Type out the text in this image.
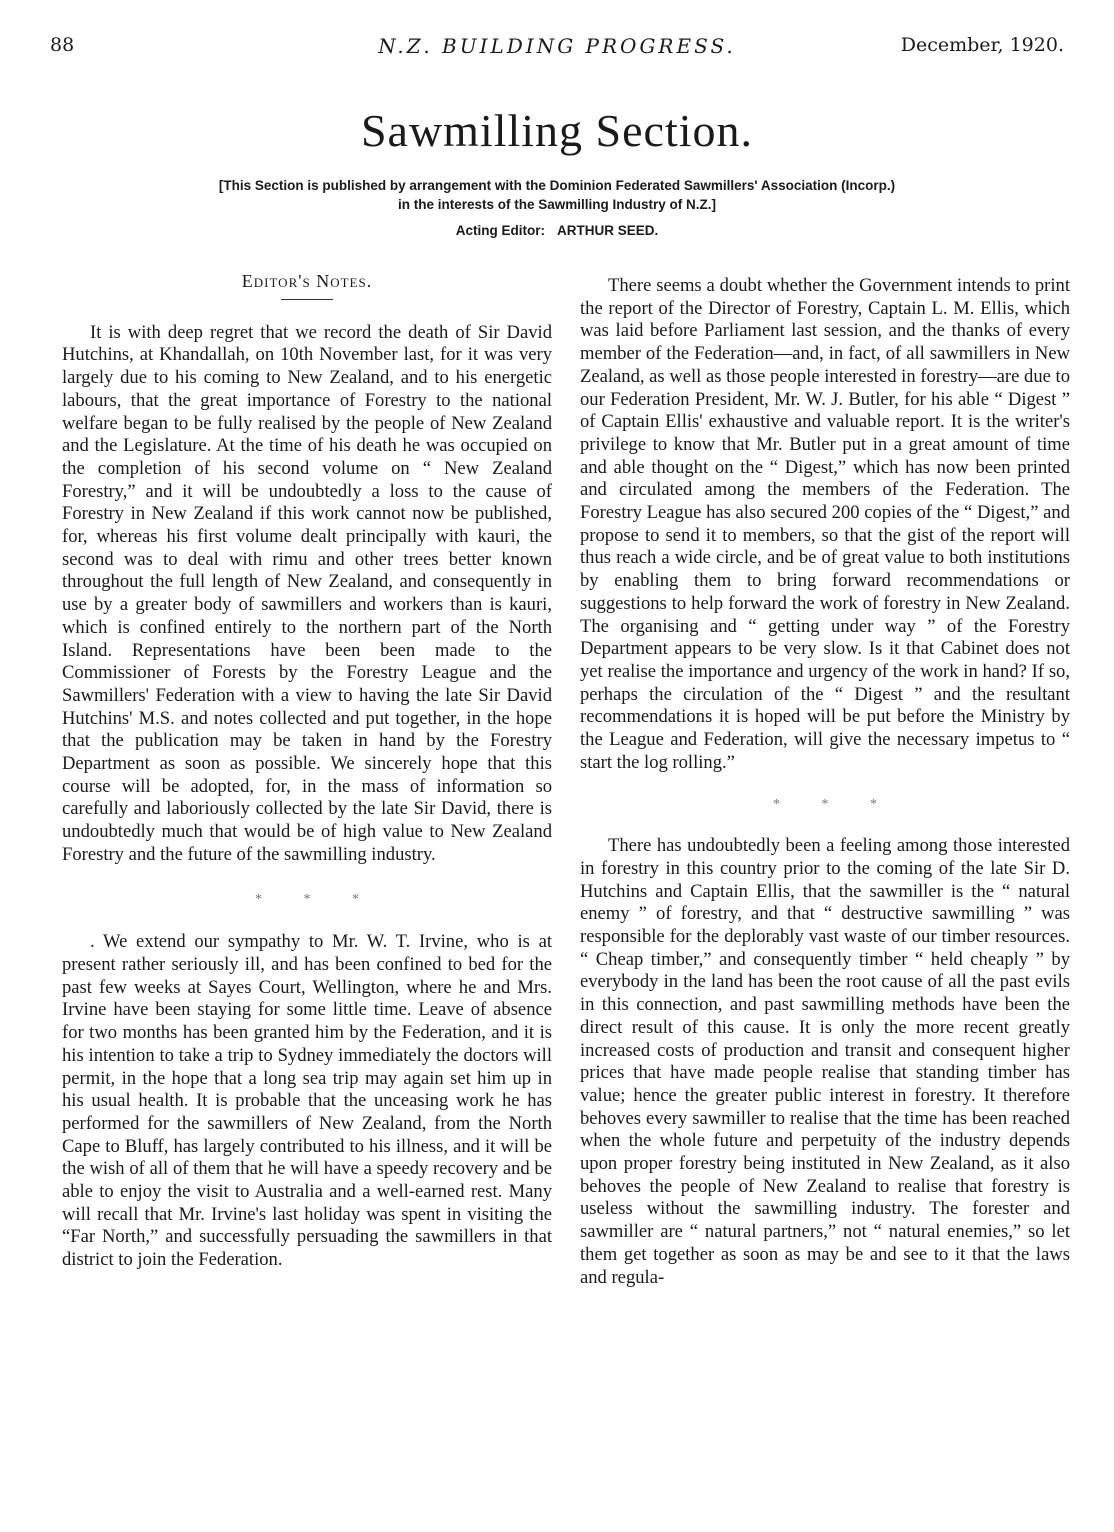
88	N.Z. BUILDING PROGRESS.	December, 1920.
Sawmilling Section.
[This Section is published by arrangement with the Dominion Federated Sawmillers' Association (Incorp.)
in the interests of the Sawmilling Industry of N.Z.]
Acting Editor: ARTHUR SEED.
Editor's Notes.

It is with deep regret that we record the death of Sir David Hutchins, at Khandallah, on 10th November last, for it was very largely due to his coming to New Zealand, and to his energetic labours, that the great importance of Forestry to the national welfare began to be fully realised by the people of New Zealand and the Legislature. At the time of his death he was occupied on the completion of his second volume on “ New Zealand Forestry,” and it will be undoubtedly a loss to the cause of Forestry in New Zealand if this work cannot now be published, for, whereas his first volume dealt principally with kauri, the second was to deal with rimu and other trees better known throughout the full length of New Zealand, and consequently in use by a greater body of sawmillers and workers than is kauri, which is confined entirely to the northern part of the North Island. Representations have been been made to the Commissioner of Forests by the Forestry League and the Sawmillers' Federation with a view to having the late Sir David Hutchins' M.S. and notes collected and put together, in the hope that the publication may be taken in hand by the Forestry Department as soon as possible. We sincerely hope that this course will be adopted, for, in the mass of information so carefully and laboriously collected by the late Sir David, there is undoubtedly much that would be of high value to New Zealand Forestry and the future of the sawmilling industry.

* * *

. We extend our sympathy to Mr. W. T. Irvine, who is at present rather seriously ill, and has been confined to bed for the past few weeks at Sayes Court, Wellington, where he and Mrs. Irvine have been staying for some little time. Leave of absence for two months has been granted him by the Federation, and it is his intention to take a trip to Sydney immediately the doctors will permit, in the hope that a long sea trip may again set him up in his usual health. It is probable that the unceasing work he has performed for the sawmillers of New Zealand, from the North Cape to Bluff, has largely contributed to his illness, and it will be the wish of all of them that he will have a speedy recovery and be able to enjoy the visit to Australia and a well-earned rest. Many will recall that Mr. Irvine's last holiday was spent in visiting the “Far North,” and successfully persuading the sawmillers in that district to join the Federation.

There seems a doubt whether the Government intends to print the report of the Director of Forestry, Captain L. M. Ellis, which was laid before Parliament last session, and the thanks of every member of the Federation—and, in fact, of all sawmillers in New Zealand, as well as those people interested in forestry—are due to our Federation President, Mr. W. J. Butler, for his able “ Digest ” of Captain Ellis' exhaustive and valuable report. It is the writer's privilege to know that Mr. Butler put in a great amount of time and able thought on the “ Digest,” which has now been printed and circulated among the members of the Federation. The Forestry League has also secured 200 copies of the “ Digest,” and propose to send it to members, so that the gist of the report will thus reach a wide circle, and be of great value to both institutions by enabling them to bring forward recommendations or suggestions to help forward the work of forestry in New Zealand. The organising and “ getting under way ” of the Forestry Department appears to be very slow. Is it that Cabinet does not yet realise the importance and urgency of the work in hand? If so, perhaps the circulation of the “ Digest ” and the resultant recommendations it is hoped will be put before the Ministry by the League and Federation, will give the necessary impetus to “ start the log rolling.”

* * *

There has undoubtedly been a feeling among those interested in forestry in this country prior to the coming of the late Sir D. Hutchins and Captain Ellis, that the sawmiller is the “ natural enemy ” of forestry, and that “ destructive sawmilling ” was responsible for the deplorably vast waste of our timber resources. “ Cheap timber,” and consequently timber “ held cheaply ” by everybody in the land has been the root cause of all the past evils in this connection, and past sawmilling methods have been the direct result of this cause. It is only the more recent greatly increased costs of production and transit and consequent higher prices that have made people realise that standing timber has value; hence the greater public interest in forestry. It therefore behoves every sawmiller to realise that the time has been reached when the whole future and perpetuity of the industry depends upon proper forestry being instituted in New Zealand, as it also behoves the people of New Zealand to realise that forestry is useless without the sawmilling industry. The forester and sawmiller are “ natural partners,” not “ natural enemies,” so let them get together as soon as may be and see to it that the laws and regula-
